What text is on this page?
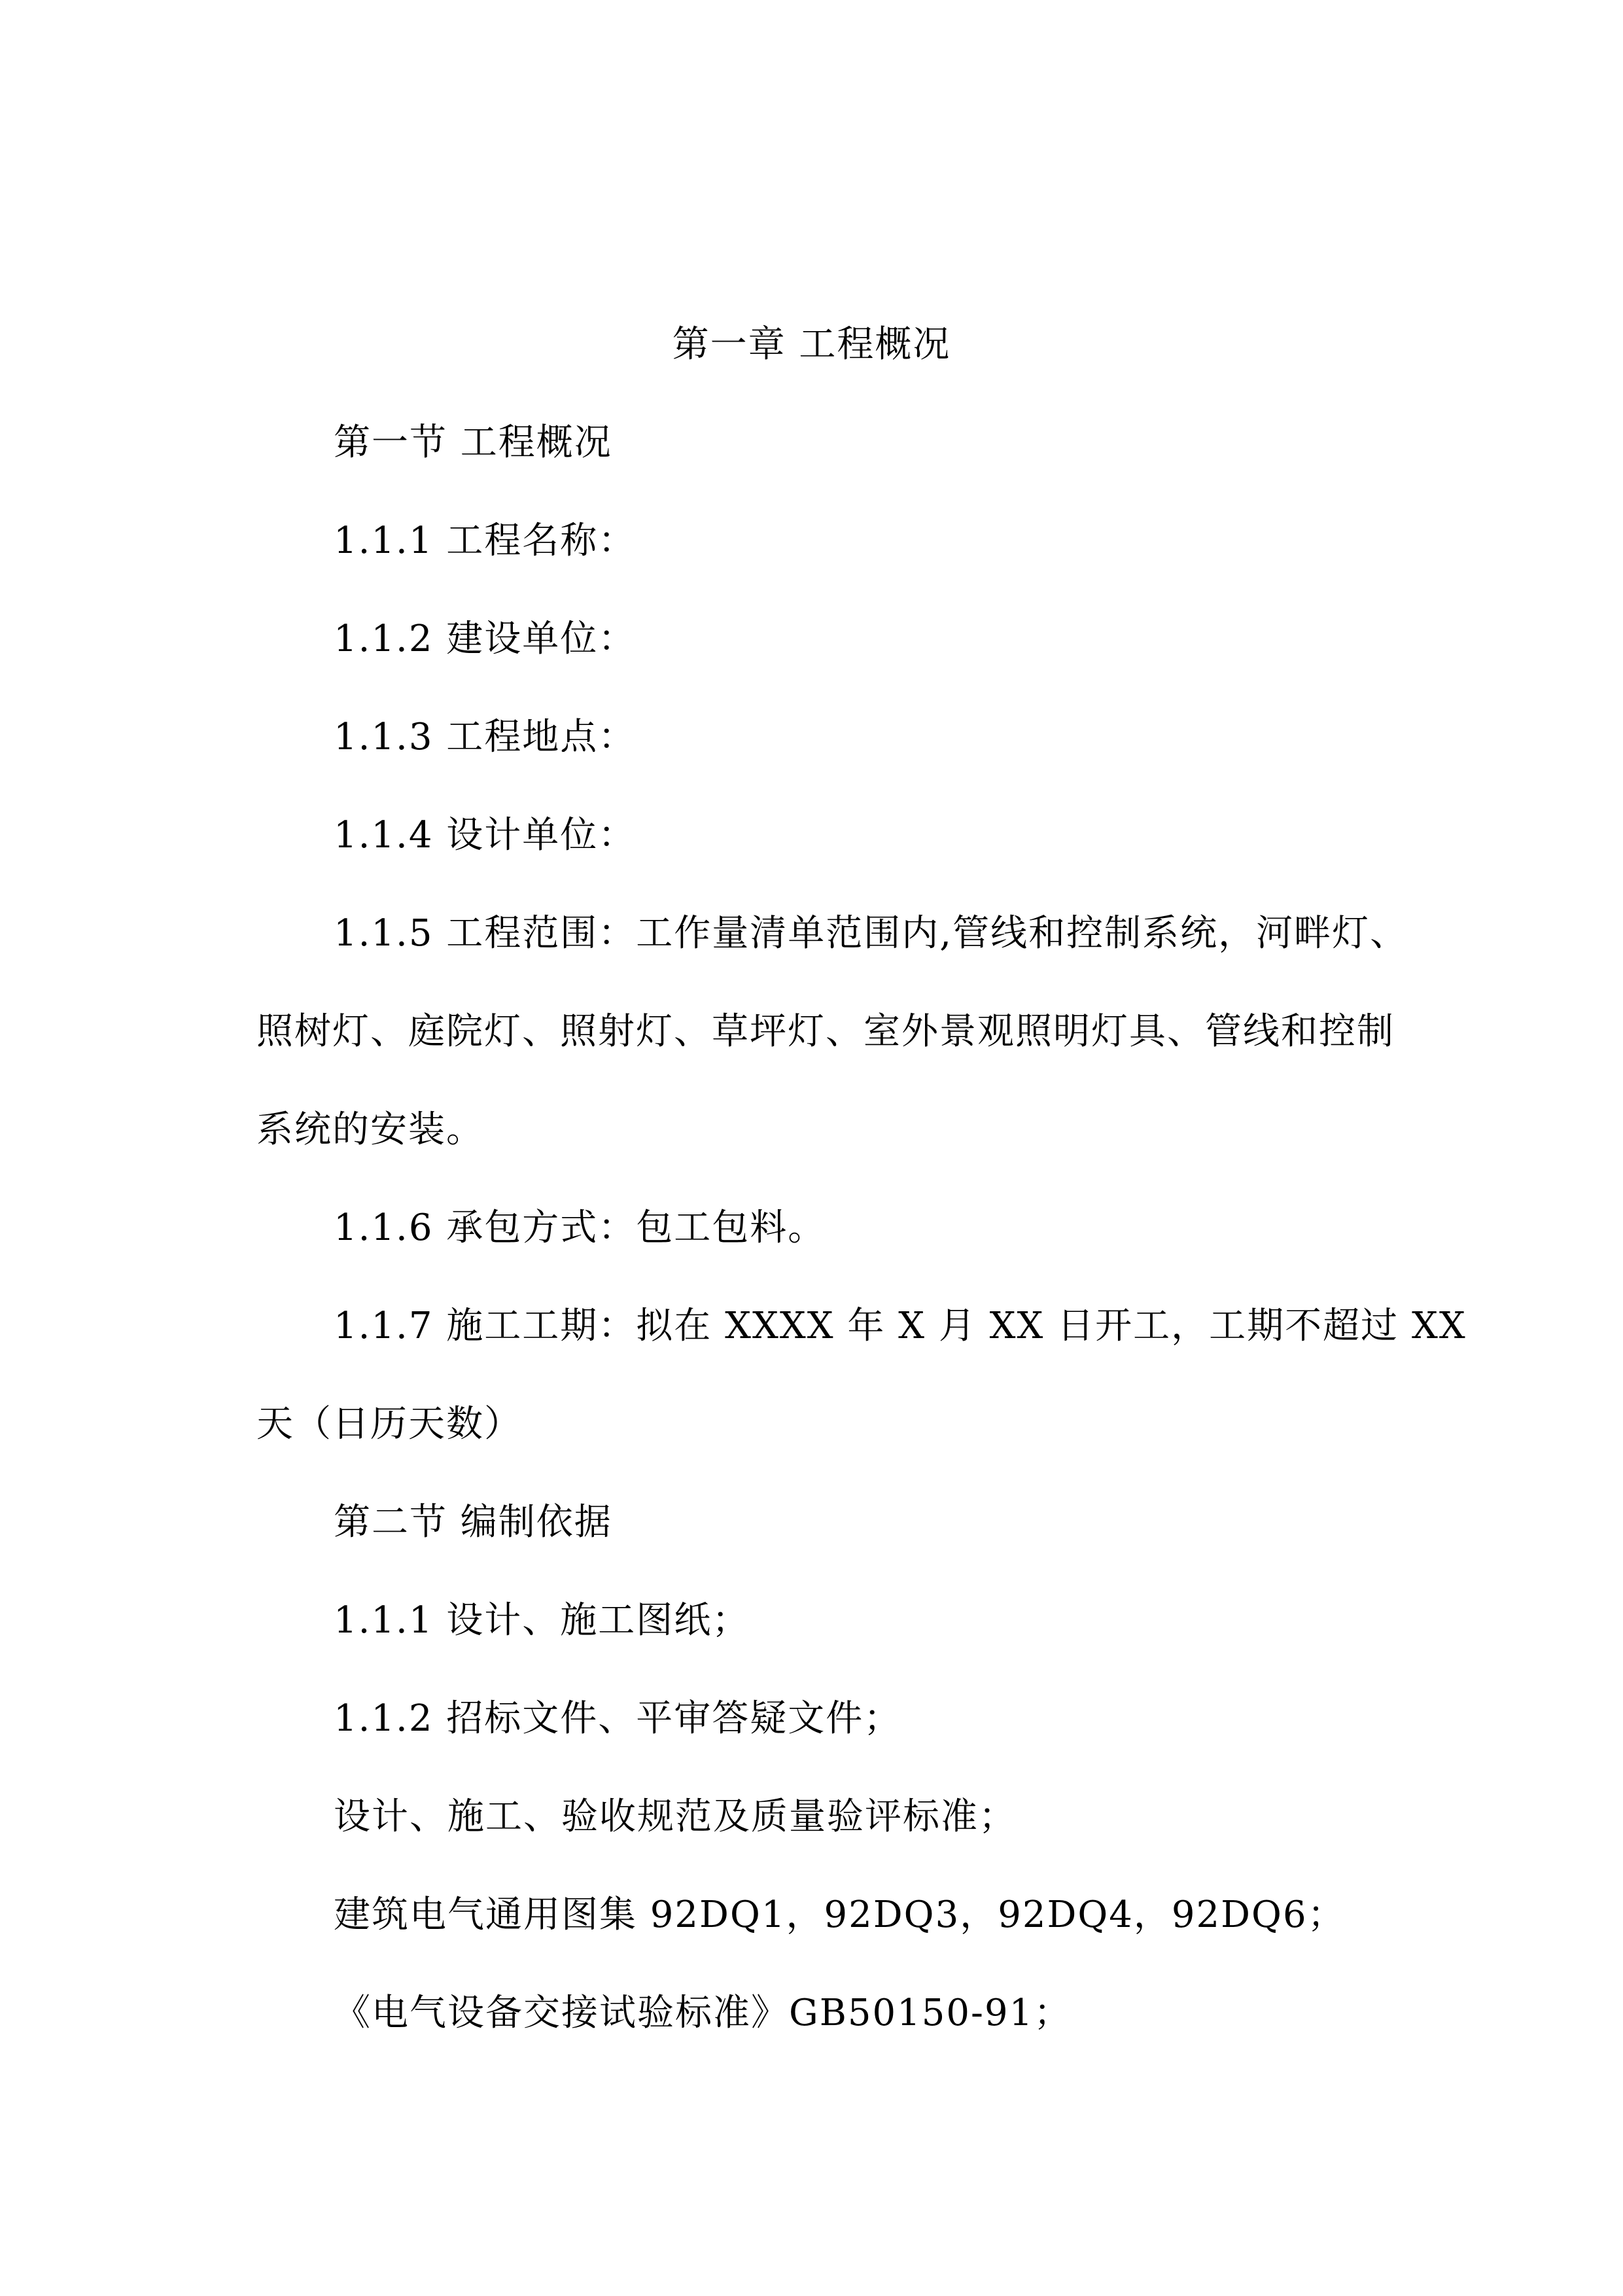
第一章 工程概况
第一节 工程概况
1.1.1 工程名称：
1.1.2 建设单位：
1.1.3 工程地点：
1.1.4 设计单位：
1.1.5 工程范围：工作量清单范围内,管线和控制系统，河畔灯、
照树灯、庭院灯、照射灯、草坪灯、室外景观照明灯具、管线和控制
系统的安装。
1.1.6 承包方式：包工包料。
1.1.7 施工工期：拟在 XXXX 年 X 月 XX 日开工，工期不超过 XX
天（日历天数）
第二节 编制依据
1.1.1 设计、施工图纸；
1.1.2 招标文件、平审答疑文件；
设计、施工、验收规范及质量验评标准；
建筑电气通用图集 92DQ1，92DQ3，92DQ4，92DQ6；
《电气设备交接试验标准》GB50150-91；
